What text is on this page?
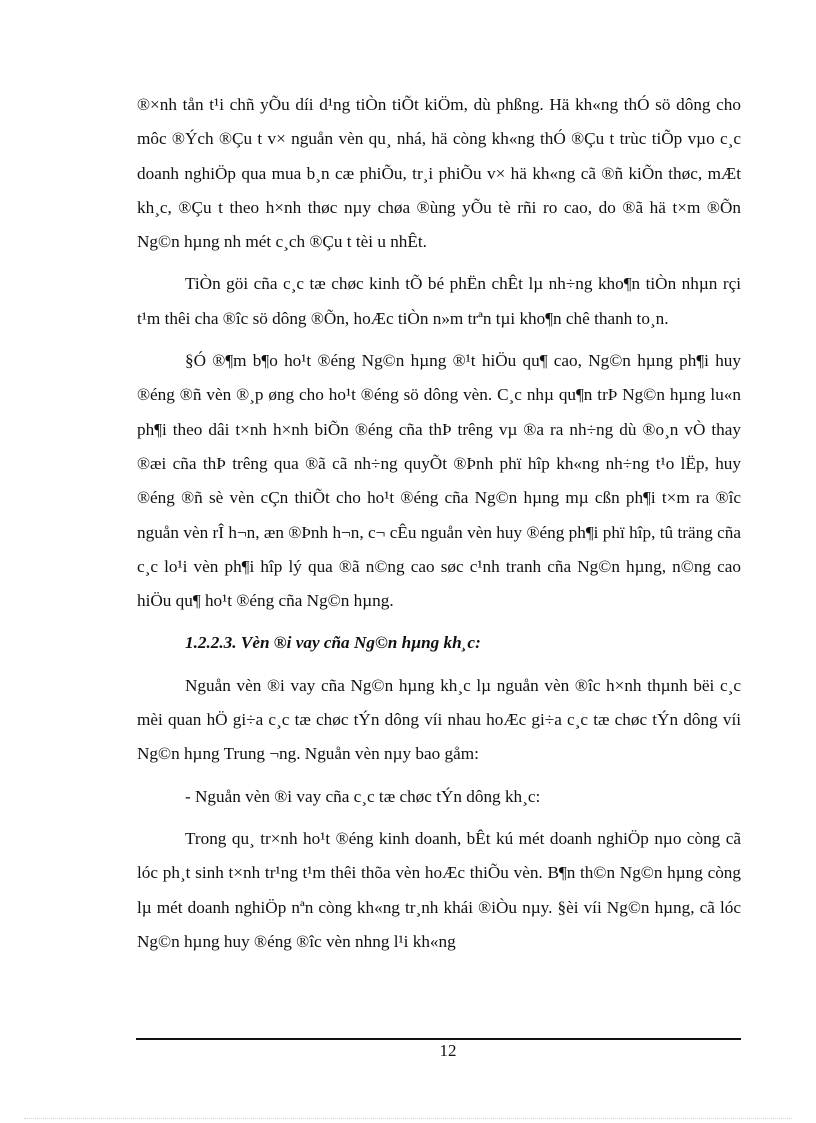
®×nh tån t¹i chñ yÕu díi d¹ng tiÒn tiÕt kiÖm, dù phßng. Hä kh«ng thÓ sö dông cho môc ®Ých ®Çu t v× nguån vèn qu¸ nhá, hä còng kh«ng thÓ ®Çu t trùc tiÕp vµo c¸c doanh nghiÖp qua mua b¸n cæ phiÕu, tr¸i phiÕu v× hä kh«ng cã ®ñ kiÕn thøc, mÆt kh¸c, ®Çu t theo h×nh thøc nµy chøa ®ùng yÕu tè rñi ro cao, do ®ã hä t×m ®Õn Ng©n hµng nh mét c¸ch ®Çu t tèi u nhÊt.

TiÒn göi cña c¸c tæ chøc kinh tÕ bé phËn chÊt lµ nh÷ng kho¶n tiÒn nhµn rçi t¹m thêi cha ®îc sö dông ®Õn, hoÆc tiÒn n»m trªn tµi kho¶n chê thanh to¸n.

§Ó ®¶m b¶o ho¹t ®éng Ng©n hµng ®¹t hiÖu qu¶ cao, Ng©n hµng ph¶i huy ®éng ®ñ vèn ®¸p øng cho ho¹t ®éng sö dông vèn. C¸c nhµ qu¶n trÞ Ng©n hµng lu«n ph¶i theo dâi t×nh h×nh biÕn ®éng cña thÞ trêng vµ ®a ra nh÷ng dù ®o¸n vÒ thay ®æi cña thÞ trêng qua ®ã cã nh÷ng quyÕt ®Þnh phï hîp kh«ng nh÷ng t¹o lËp, huy ®éng ®ñ sè vèn cÇn thiÕt cho ho¹t ®éng cña Ng©n hµng mµ cßn ph¶i t×m ra ®îc nguån vèn rÎ h¬n, æn ®Þnh h¬n, c¬ cÊu nguån vèn huy ®éng ph¶i phï hîp, tû träng cña c¸c lo¹i vèn ph¶i hîp lý qua ®ã n©ng cao søc c¹nh tranh cña Ng©n hµng, n©ng cao hiÖu qu¶ ho¹t ®éng cña Ng©n hµng.

1.2.2.3. Vèn ®i vay cña Ng©n hµng kh¸c:

Nguån vèn ®i vay cña Ng©n hµng kh¸c lµ nguån vèn ®îc h×nh thµnh bëi c¸c mèi quan hÖ gi÷a c¸c tæ chøc tÝn dông víi nhau hoÆc gi÷a c¸c tæ chøc tÝn dông víi Ng©n hµng Trung ¬ng. Nguån vèn nµy bao gåm:

- Nguån vèn ®i vay cña c¸c tæ chøc tÝn dông kh¸c:

Trong qu¸ tr×nh ho¹t ®éng kinh doanh, bÊt kú mét doanh nghiÖp nµo còng cã lóc ph¸t sinh t×nh tr¹ng t¹m thêi thõa vèn hoÆc thiÕu vèn. B¶n th©n Ng©n hµng còng lµ mét doanh nghiÖp nªn còng kh«ng tr¸nh khái ®iÒu nµy. §èi víi Ng©n hµng, cã lóc Ng©n hµng huy ®éng ®îc vèn nhng l¹i kh«ng

12
